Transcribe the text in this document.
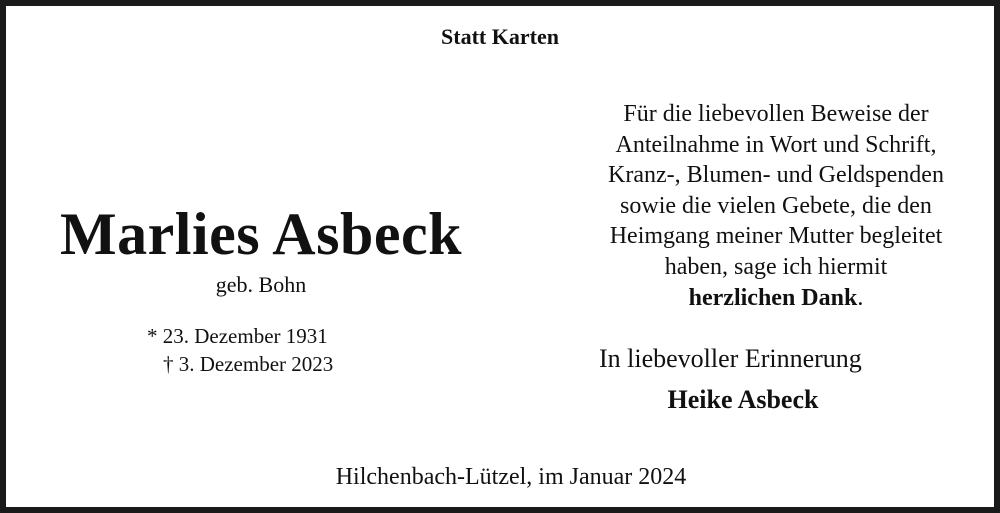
Statt Karten
Marlies Asbeck
geb. Bohn
* 23. Dezember 1931
† 3. Dezember 2023
Für die liebevollen Beweise der
Anteilnahme in Wort und Schrift,
Kranz-, Blumen- und Geldspenden
sowie die vielen Gebete, die den
Heimgang meiner Mutter begleitet
haben, sage ich hiermit
herzlichen Dank.
In liebevoller Erinnerung
Heike Asbeck
Hilchenbach-Lützel, im Januar 2024
